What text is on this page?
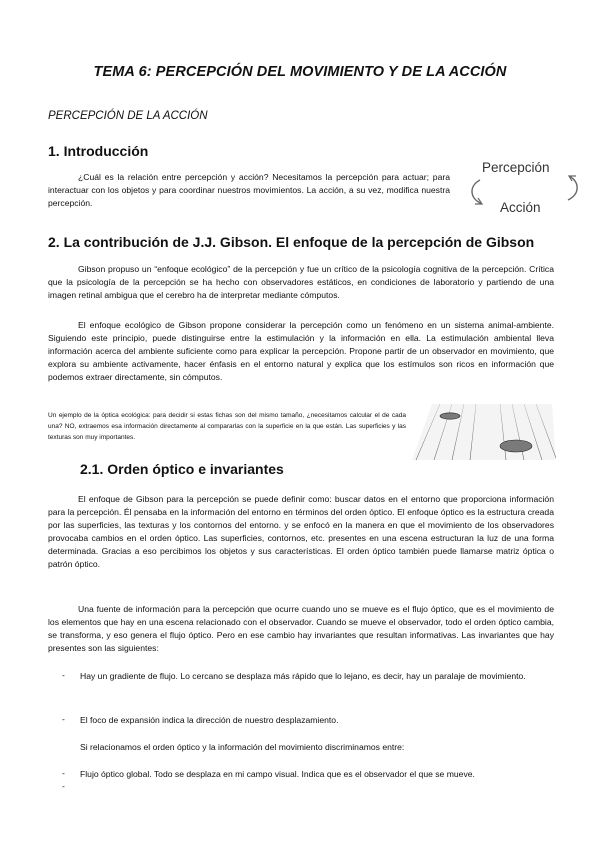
TEMA 6: PERCEPCIÓN DEL MOVIMIENTO Y DE LA ACCIÓN
PERCEPCIÓN DE LA ACCIÓN
1. Introducción
¿Cuál es la relación entre percepción y acción? Necesitamos la percepción para actuar; para interactuar con los objetos y para coordinar nuestros movimientos. La acción, a su vez, modifica nuestra percepción.
Percepción
Acción
2. La contribución de J.J. Gibson. El enfoque de la percepción de Gibson
Gibson propuso un “enfoque ecológico” de la percepción y fue un crítico de la psicología cognitiva de la percepción. Crítica que la psicología de la percepción se ha hecho con observadores estáticos, en condiciones de laboratorio y partiendo de una imagen retinal ambigua que el cerebro ha de interpretar mediante cómputos.
El enfoque ecológico de Gibson propone considerar la percepción como un fenómeno en un sistema animal-ambiente. Siguiendo este principio, puede distinguirse entre la estimulación y la información en ella. La estimulación ambiental lleva información acerca del ambiente suficiente como para explicar la percepción. Propone partir de un observador en movimiento, que explora su ambiente activamente, hacer énfasis en el entorno natural y explica que los estímulos son ricos en información que podemos extraer directamente, sin cómputos.
Un ejemplo de la óptica ecológica: para decidir si estas fichas son del mismo tamaño, ¿necesitamos calcular el de cada una? NO, extraemos esa información directamente al compararlas con la superficie en la que están. Las superficies y las texturas son muy importantes.
2.1. Orden óptico e invariantes
El enfoque de Gibson para la percepción se puede definir como: buscar datos en el entorno que proporciona información para la percepción. Él pensaba en la información del entorno en términos del orden óptico. El enfoque óptico es la estructura creada por las superficies, las texturas y los contornos del entorno. y se enfocó en la manera en que el movimiento de los observadores provocaba cambios en el orden óptico. Las superficies, contornos, etc. presentes en una escena estructuran la luz de una forma determinada. Gracias a eso percibimos los objetos y sus características. El orden óptico también puede llamarse matriz óptica o patrón óptico.
Una fuente de información para la percepción que ocurre cuando uno se mueve es el flujo óptico, que es el movimiento de los elementos que hay en una escena relacionado con el observador. Cuando se mueve el observador, todo el orden óptico cambia, se transforma, y eso genera el flujo óptico. Pero en ese cambio hay invariantes que resultan informativas. Las invariantes que hay presentes son las siguientes:
- Hay un gradiente de flujo. Lo cercano se desplaza más rápido que lo lejano, es decir, hay un paralaje de movimiento.
- El foco de expansión indica la dirección de nuestro desplazamiento.
Si relacionamos el orden óptico y la información del movimiento discriminamos entre:
- Flujo óptico global. Todo se desplaza en mi campo visual. Indica que es el observador el que se mueve.
-
